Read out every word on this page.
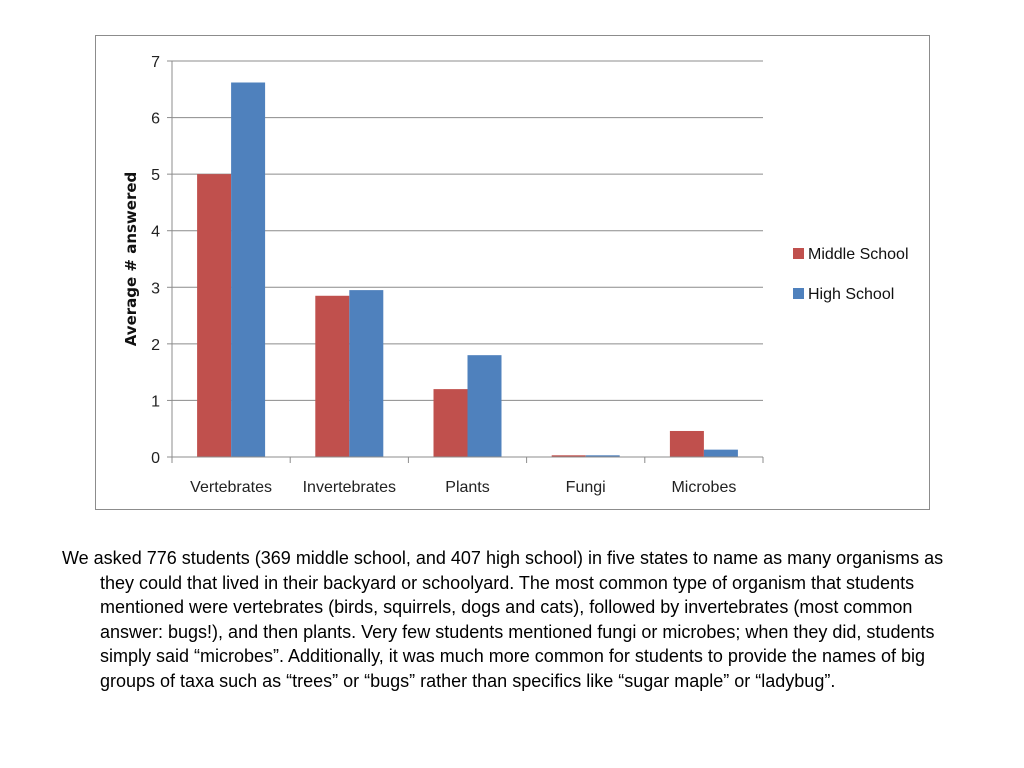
0
1
2
3
4
5
6
7
Vertebrates Invertebrates	Plants	Fungi	Microbes
Average # answered	Middle School
High School

We asked 776 students (369 middle school, and 407 high school) in five states to name as many organisms as they could that lived in their backyard or schoolyard. The most common type of organism that students mentioned were vertebrates (birds, squirrels, dogs and cats), followed by invertebrates (most common answer: bugs!), and then plants. Very few students mentioned fungi or microbes; when they did, students simply said “microbes”. Additionally, it was much more common for students to provide the names of big groups of taxa such as “trees” or “bugs” rather than specifics like “sugar maple” or “ladybug”.
